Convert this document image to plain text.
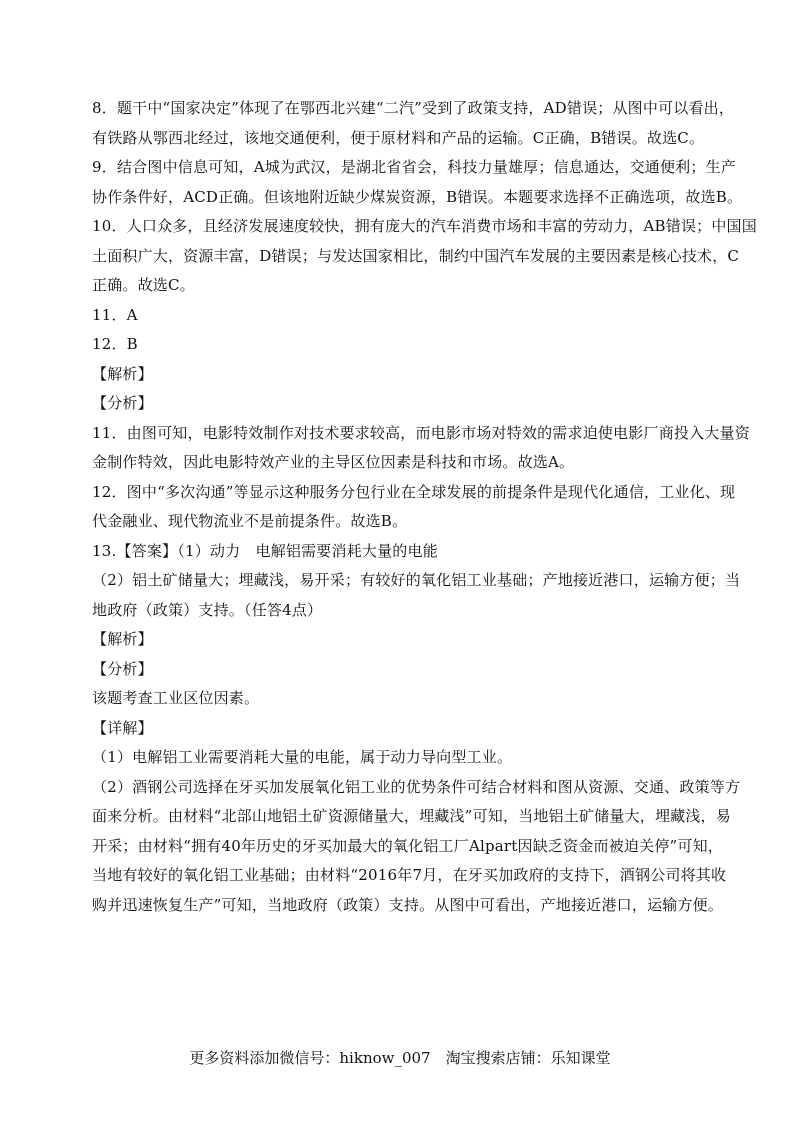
8．题干中“国家决定”体现了在鄂西北兴建“二汽”受到了政策支持，AD错误；从图中可以看出，
有铁路从鄂西北经过，该地交通便利，便于原材料和产品的运输。C正确，B错误。故选C。
9．结合图中信息可知，A城为武汉，是湖北省省会，科技力量雄厚；信息通达，交通便利；生产
协作条件好，ACD正确。但该地附近缺少煤炭资源，B错误。本题要求选择不正确选项，故选B。
10．人口众多，且经济发展速度较快，拥有庞大的汽车消费市场和丰富的劳动力，AB错误；中国国
土面积广大，资源丰富，D错误；与发达国家相比，制约中国汽车发展的主要因素是核心技术，C
正确。故选C。
11．A
12．B
【解析】
【分析】
11．由图可知，电影特效制作对技术要求较高，而电影市场对特效的需求迫使电影厂商投入大量资
金制作特效，因此电影特效产业的主导区位因素是科技和市场。故选A。
12．图中“多次沟通”等显示这种服务分包行业在全球发展的前提条件是现代化通信，工业化、现
代金融业、现代物流业不是前提条件。故选B。
13.【答案】（1）动力　电解铝需要消耗大量的电能
（2）铝土矿储量大；埋藏浅，易开采；有较好的氧化铝工业基础；产地接近港口，运输方便；当
地政府（政策）支持。（任答4点）
【解析】
【分析】
该题考查工业区位因素。
【详解】
（1）电解铝工业需要消耗大量的电能，属于动力导向型工业。
（2）酒钢公司选择在牙买加发展氧化铝工业的优势条件可结合材料和图从资源、交通、政策等方
面来分析。由材料“北部山地铝土矿资源储量大，埋藏浅”可知，当地铝土矿储量大，埋藏浅，易
开采；由材料“拥有40年历史的牙买加最大的氧化铝工厂Alpart因缺乏资金而被迫关停”可知，
当地有较好的氧化铝工业基础；由材料“2016年7月，在牙买加政府的支持下，酒钢公司将其收
购并迅速恢复生产”可知，当地政府（政策）支持。从图中可看出，产地接近港口，运输方便。
更多资料添加微信号：hiknow_007　淘宝搜索店铺：乐知课堂
